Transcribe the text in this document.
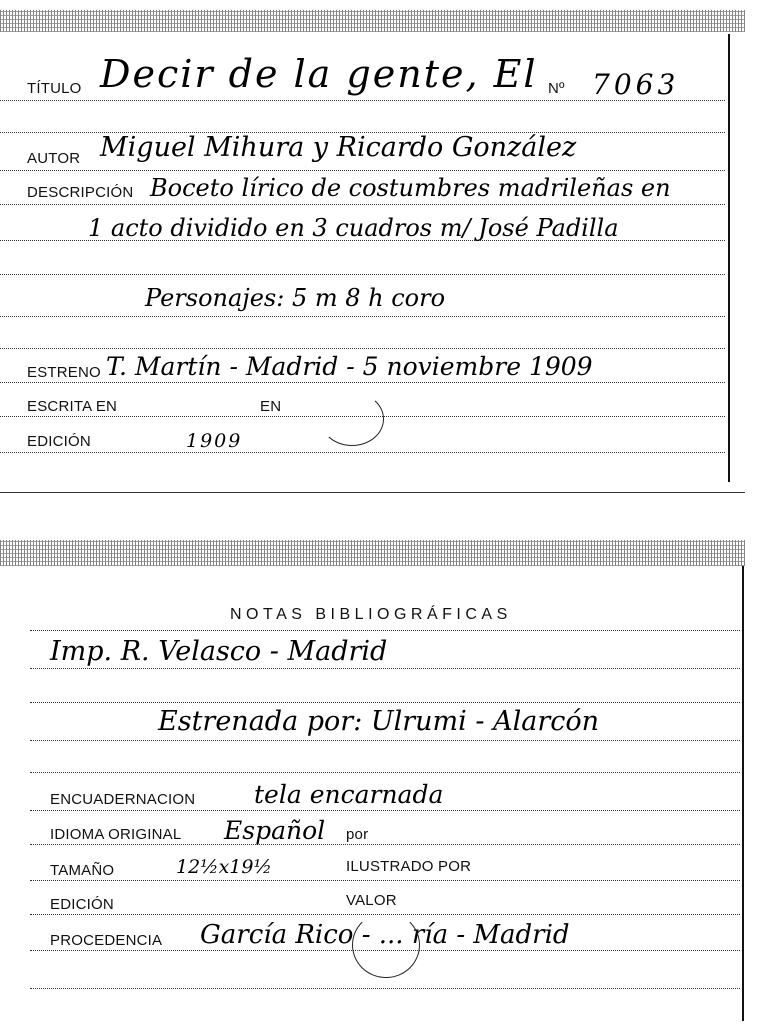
TÍTULO Decir de la gente, El Nº 7063
AUTOR Miguel Mihura y Ricardo González
DESCRIPCIÓN Boceto lírico de costumbres madrileñas en
1 acto dividido en 3 cuadros m/ José Padilla
Personajes: 5 m 8 h coro
ESTRENO T. Martín - Madrid - 5 noviembre 1909
ESCRITA EN	EN
EDICIÓN	1909
NOTAS BIBLIOGRÁFICAS
Imp. R. Velasco - Madrid
Estrenada por: Ulrumi - Alarcón
ENCUADERNACION tela encarnada
IDIOMA ORIGINAL Español por
TAMAÑO	12½x19½	ILUSTRADO POR
EDICIÓN	VALOR
PROCEDENCIA García Rico - ... ría - Madrid
